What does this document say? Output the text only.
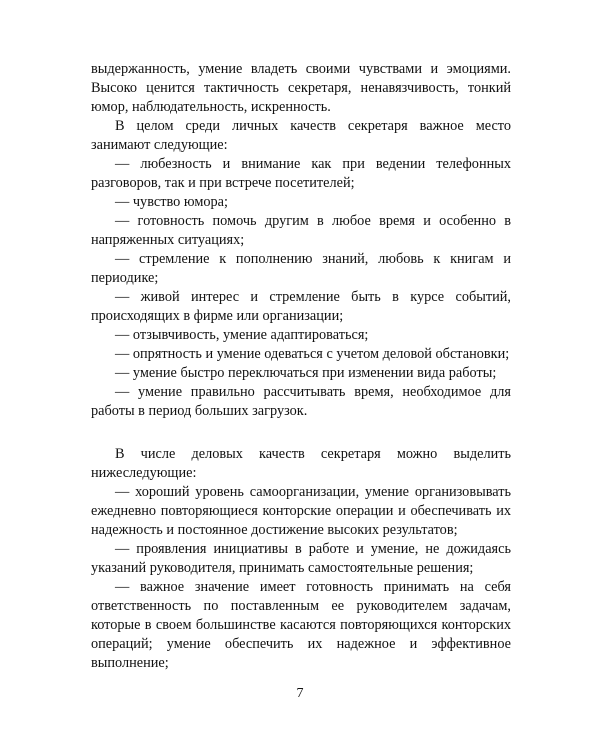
выдержанность, умение владеть своими чувствами и эмоциями. Высоко ценится тактичность секретаря, ненавязчивость, тонкий юмор, наблюдательность, искренность.

В целом среди личных качеств секретаря важное место занимают следующие:

— любезность и внимание как при ведении телефонных разговоров, так и при встрече посетителей;

— чувство юмора;

— готовность помочь другим в любое время и особенно в напряженных ситуациях;

— стремление к пополнению знаний, любовь к книгам и периодике;

— живой интерес и стремление быть в курсе событий, происходящих в фирме или организации;

— отзывчивость, умение адаптироваться;

— опрятность и умение одеваться с учетом деловой обстановки;

— умение быстро переключаться при изменении вида работы;

— умение правильно рассчитывать время, необходимое для работы в период больших загрузок.

В числе деловых качеств секретаря можно выделить нижеследующие:

— хороший уровень самоорганизации, умение организовывать ежедневно повторяющиеся конторские операции и обеспечивать их надежность и постоянное достижение высоких результатов;

— проявления инициативы в работе и умение, не дожидаясь указаний руководителя, принимать самостоятельные решения;

— важное значение имеет готовность принимать на себя ответственность по поставленным ее руководителем задачам, которые в своем большинстве касаются повторяющихся конторских операций; умение обеспечить их надежное и эффективное выполнение;

7
